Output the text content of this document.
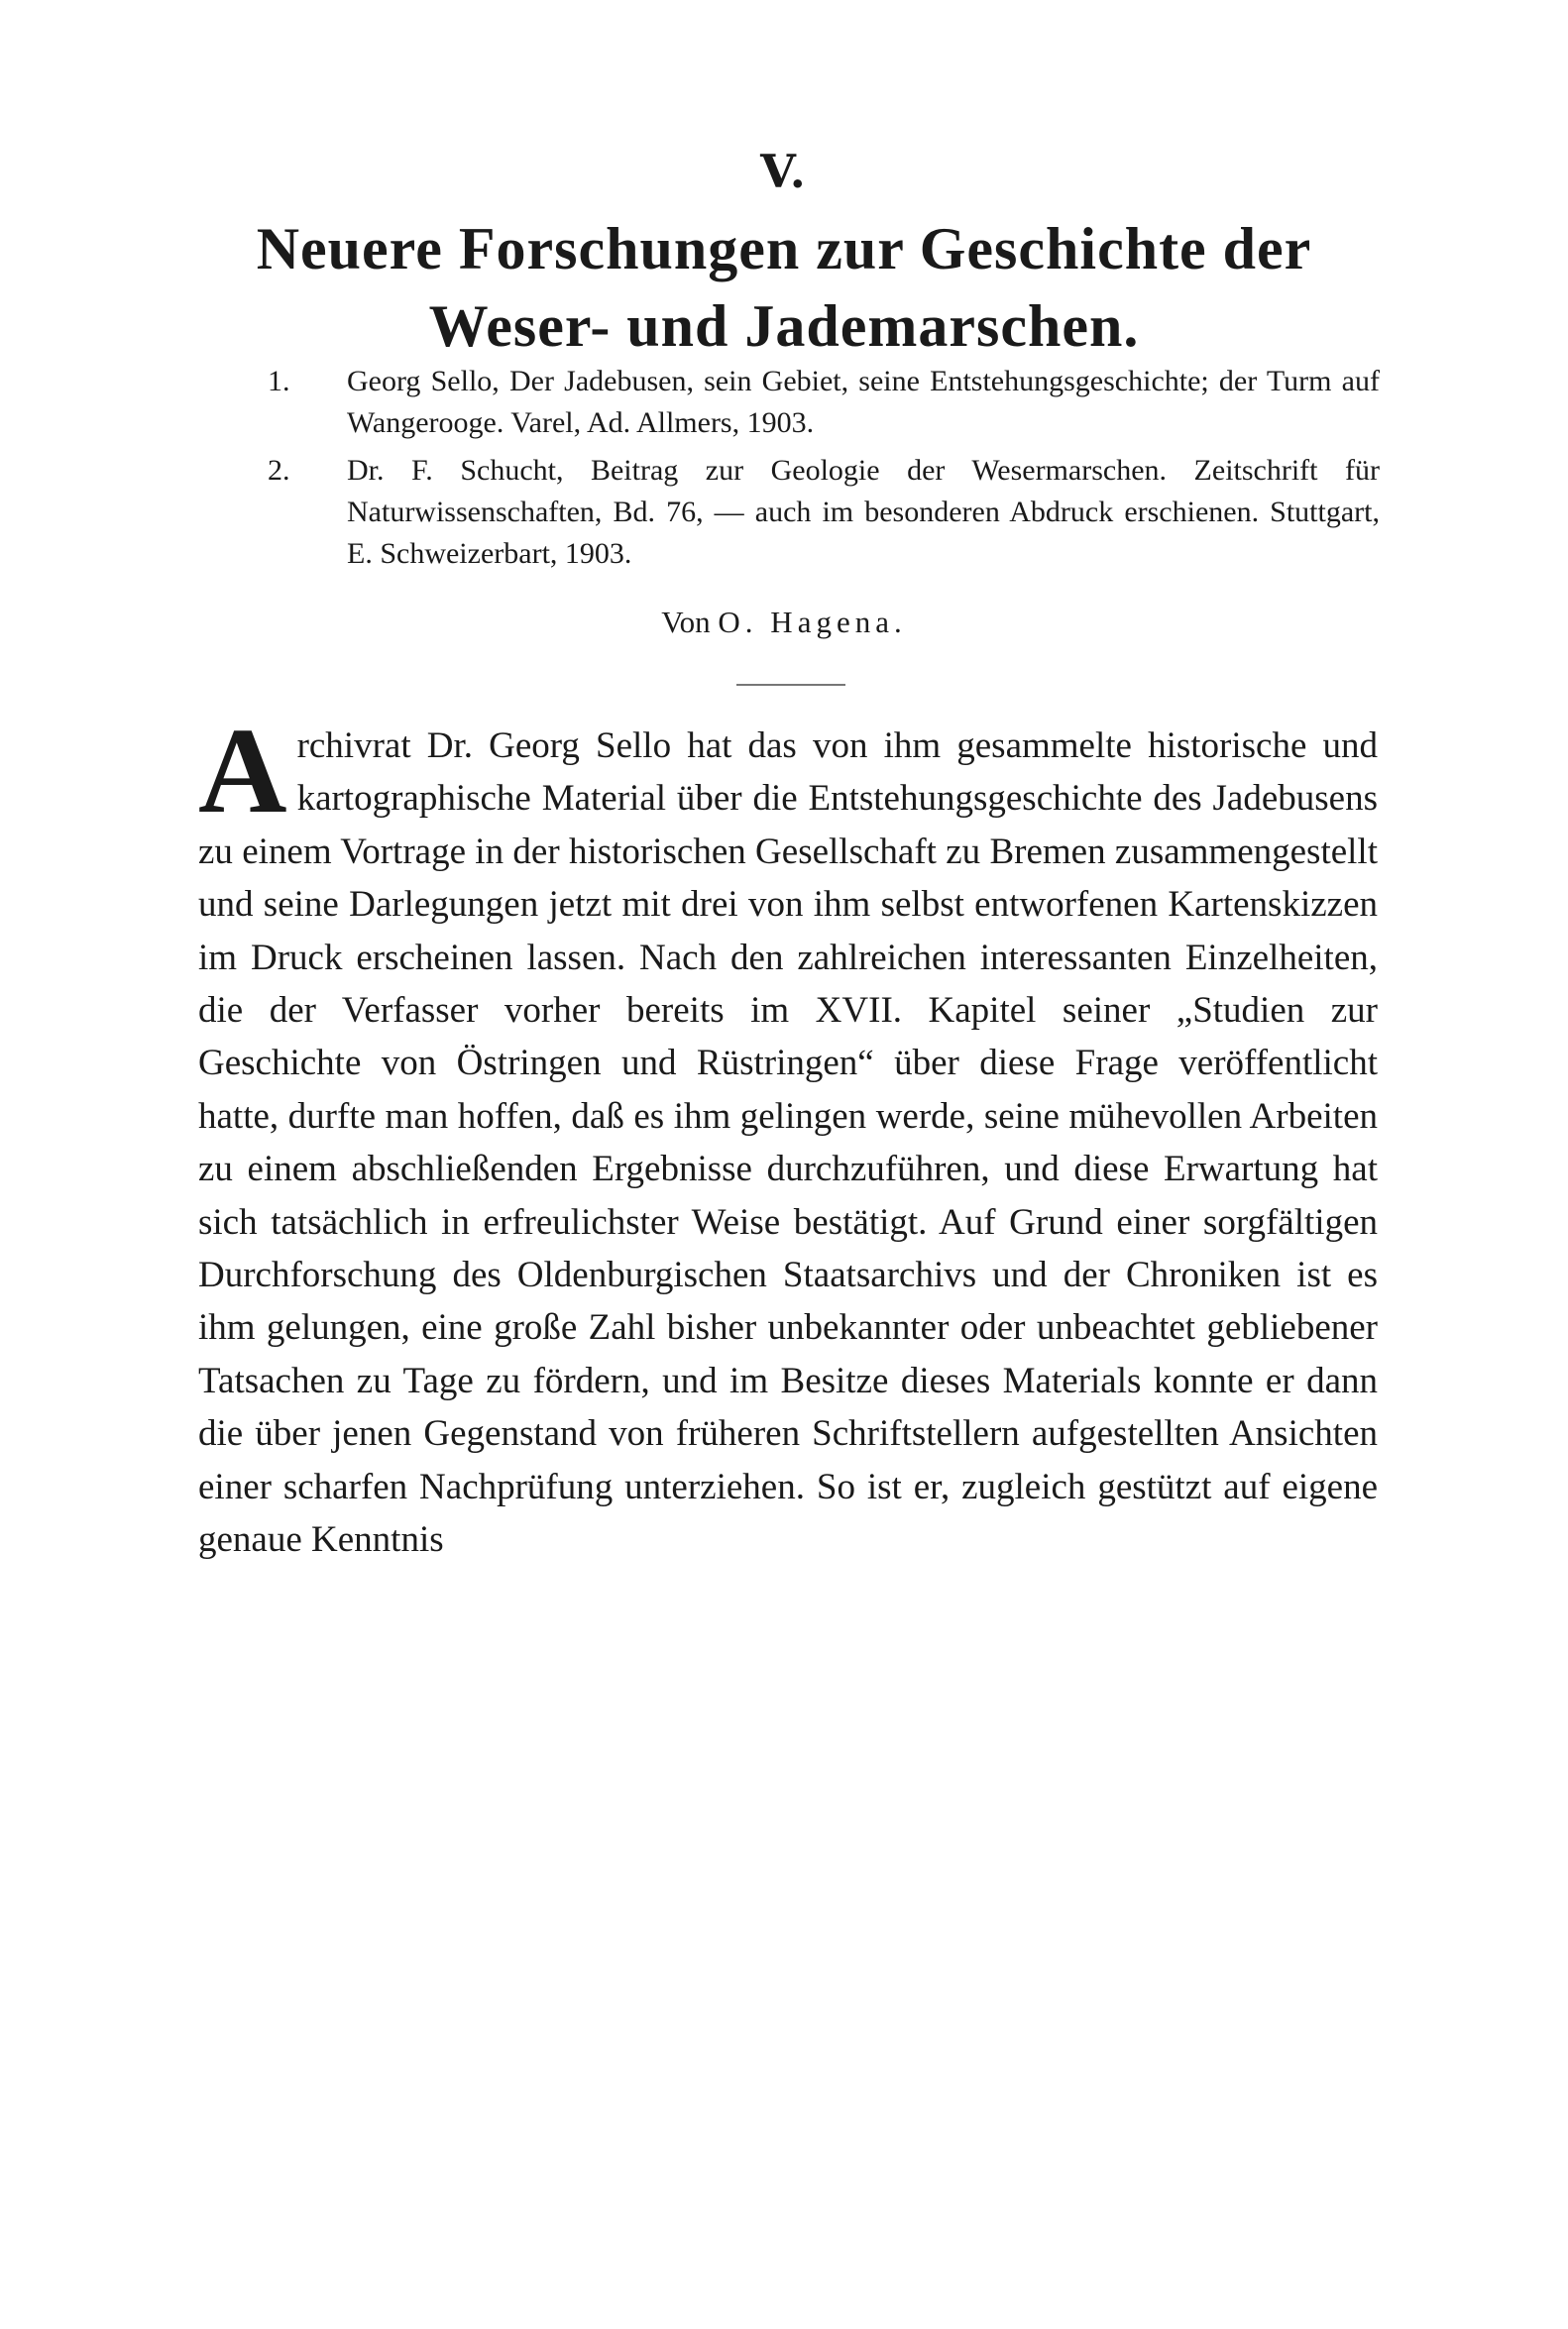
V.
Neuere Forschungen zur Geschichte der
Weser- und Jademarschen.
1. Georg Sello, Der Jadebusen, sein Gebiet, seine Entstehungsgeschichte; der Turm auf Wangerooge. Varel, Ad. Allmers, 1903.
2. Dr. F. Schucht, Beitrag zur Geologie der Wesermarschen. Zeitschrift für Naturwissenschaften, Bd. 76, — auch im besonderen Abdruck erschienen. Stuttgart, E. Schweizerbart, 1903.
Von O. Hagena.

Archivrat Dr. Georg Sello hat das von ihm gesammelte historische und kartographische Material über die Entstehungsgeschichte des Jadebusens zu einem Vortrage in der historischen Gesellschaft zu Bremen zusammengestellt und seine Darlegungen jetzt mit drei von ihm selbst entworfenen Kartenskizzen im Druck erscheinen lassen. Nach den zahlreichen interessanten Einzelheiten, die der Verfasser vorher bereits im XVII. Kapitel seiner „Studien zur Geschichte von Östringen und Rüstringen“ über diese Frage veröffentlicht hatte, durfte man hoffen, daß es ihm gelingen werde, seine mühevollen Arbeiten zu einem abschließenden Ergebnisse durchzuführen, und diese Erwartung hat sich tatsächlich in erfreulichster Weise bestätigt. Auf Grund einer sorgfältigen Durchforschung des Oldenburgischen Staatsarchivs und der Chroniken ist es ihm gelungen, eine große Zahl bisher unbekannter oder unbeachtet gebliebener Tatsachen zu Tage zu fördern, und im Besitze dieses Materials konnte er dann die über jenen Gegenstand von früheren Schriftstellern aufgestellten Ansichten einer scharfen Nachprüfung unterziehen. So ist er, zugleich gestützt auf eigene genaue Kenntnis
